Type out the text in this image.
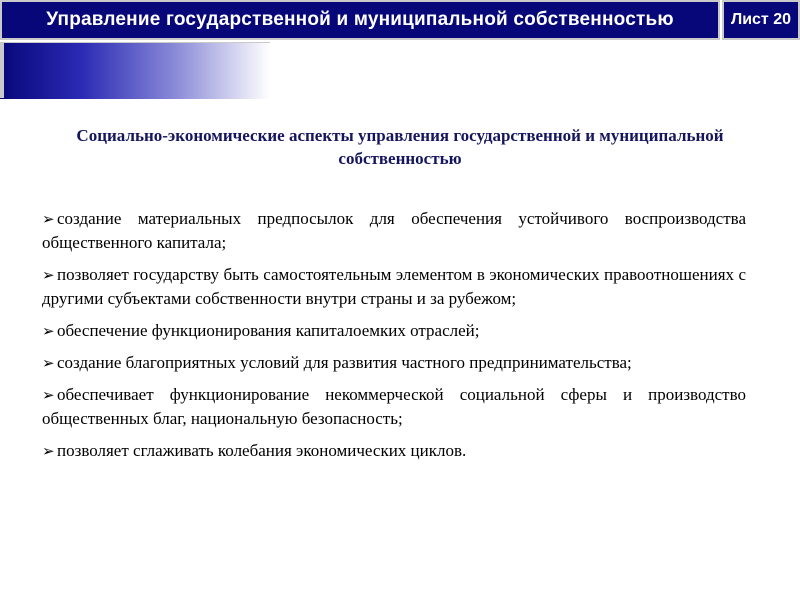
Управление государственной и муниципальной собственностью	Лист 20
Социально-экономические аспекты управления государственной и муниципальной собственностью
➢ создание материальных предпосылок для обеспечения устойчивого воспроизводства общественного капитала;
➢ позволяет государству быть самостоятельным элементом в экономических правоотношениях с другими субъектами собственности внутри страны и за рубежом;
➢ обеспечение функционирования капиталоемких отраслей;
➢ создание благоприятных условий для развития частного предпринимательства;
➢ обеспечивает функционирование некоммерческой социальной сферы и производство общественных благ, национальную безопасность;
➢ позволяет сглаживать колебания экономических циклов.
